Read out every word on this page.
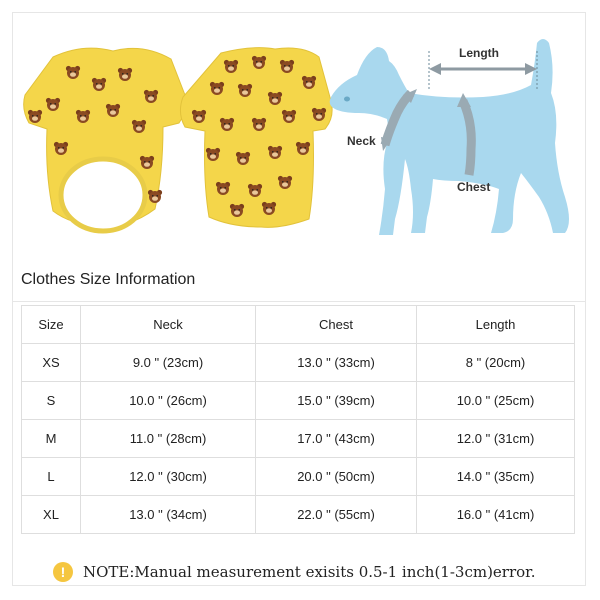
Length
Neck
Chest
Clothes Size Information
Size	Neck	Chest	Length
XS	9.0 " (23cm)	13.0 " (33cm)	8 " (20cm)
S	10.0 " (26cm)	15.0 " (39cm)	10.0 " (25cm)
M	11.0 " (28cm)	17.0 " (43cm)	12.0 " (31cm)
L	12.0 " (30cm)	20.0 " (50cm)	14.0 " (35cm)
XL	13.0 " (34cm)	22.0 " (55cm)	16.0 " (41cm)
!	NOTE:Manual measurement exisits 0.5-1 inch(1-3cm)error.
